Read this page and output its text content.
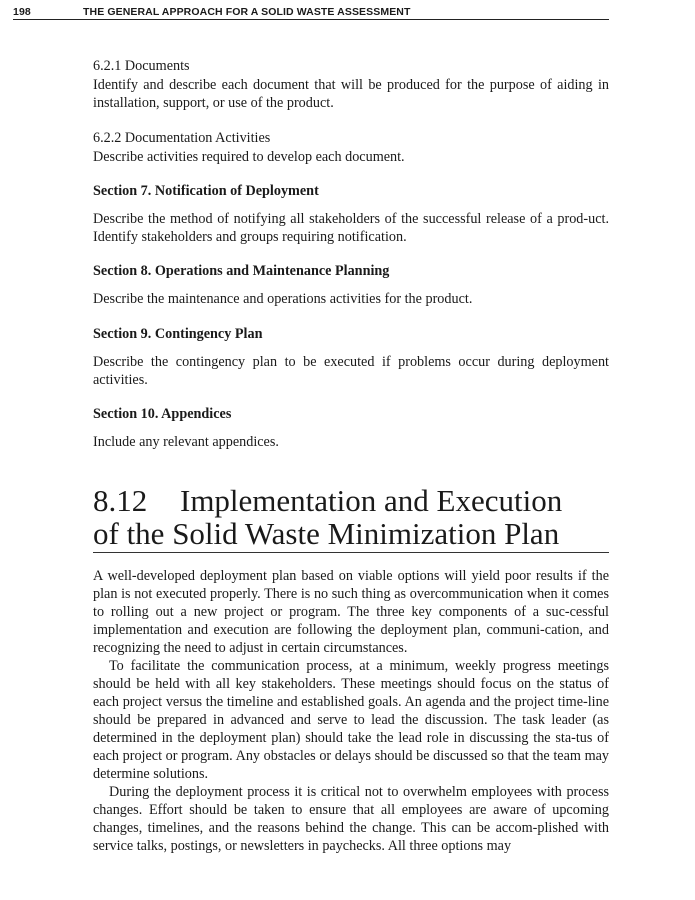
198	THE GENERAL APPROACH FOR A SOLID WASTE ASSESSMENT

6.2.1 Documents

Identify and describe each document that will be produced for the purpose of aiding in installation, support, or use of the product.

6.2.2 Documentation Activities

Describe activities required to develop each document.

Section 7. Notification of Deployment

Describe the method of notifying all stakeholders of the successful release of a prod-uct. Identify stakeholders and groups requiring notification.

Section 8. Operations and Maintenance Planning

Describe the maintenance and operations activities for the product.

Section 9. Contingency Plan

Describe the contingency plan to be executed if problems occur during deployment activities.

Section 10. Appendices

Include any relevant appendices.

8.12 Implementation and Execution
of the Solid Waste Minimization Plan

A well-developed deployment plan based on viable options will yield poor results if the plan is not executed properly. There is no such thing as overcommunication when it comes to rolling out a new project or program. The three key components of a suc-cessful implementation and execution are following the deployment plan, communi-cation, and recognizing the need to adjust in certain circumstances.

To facilitate the communication process, at a minimum, weekly progress meetings should be held with all key stakeholders. These meetings should focus on the status of each project versus the timeline and established goals. An agenda and the project time-line should be prepared in advanced and serve to lead the discussion. The task leader (as determined in the deployment plan) should take the lead role in discussing the sta-tus of each project or program. Any obstacles or delays should be discussed so that the team may determine solutions.

During the deployment process it is critical not to overwhelm employees with process changes. Effort should be taken to ensure that all employees are aware of upcoming changes, timelines, and the reasons behind the change. This can be accom-plished with service talks, postings, or newsletters in paychecks. All three options may
